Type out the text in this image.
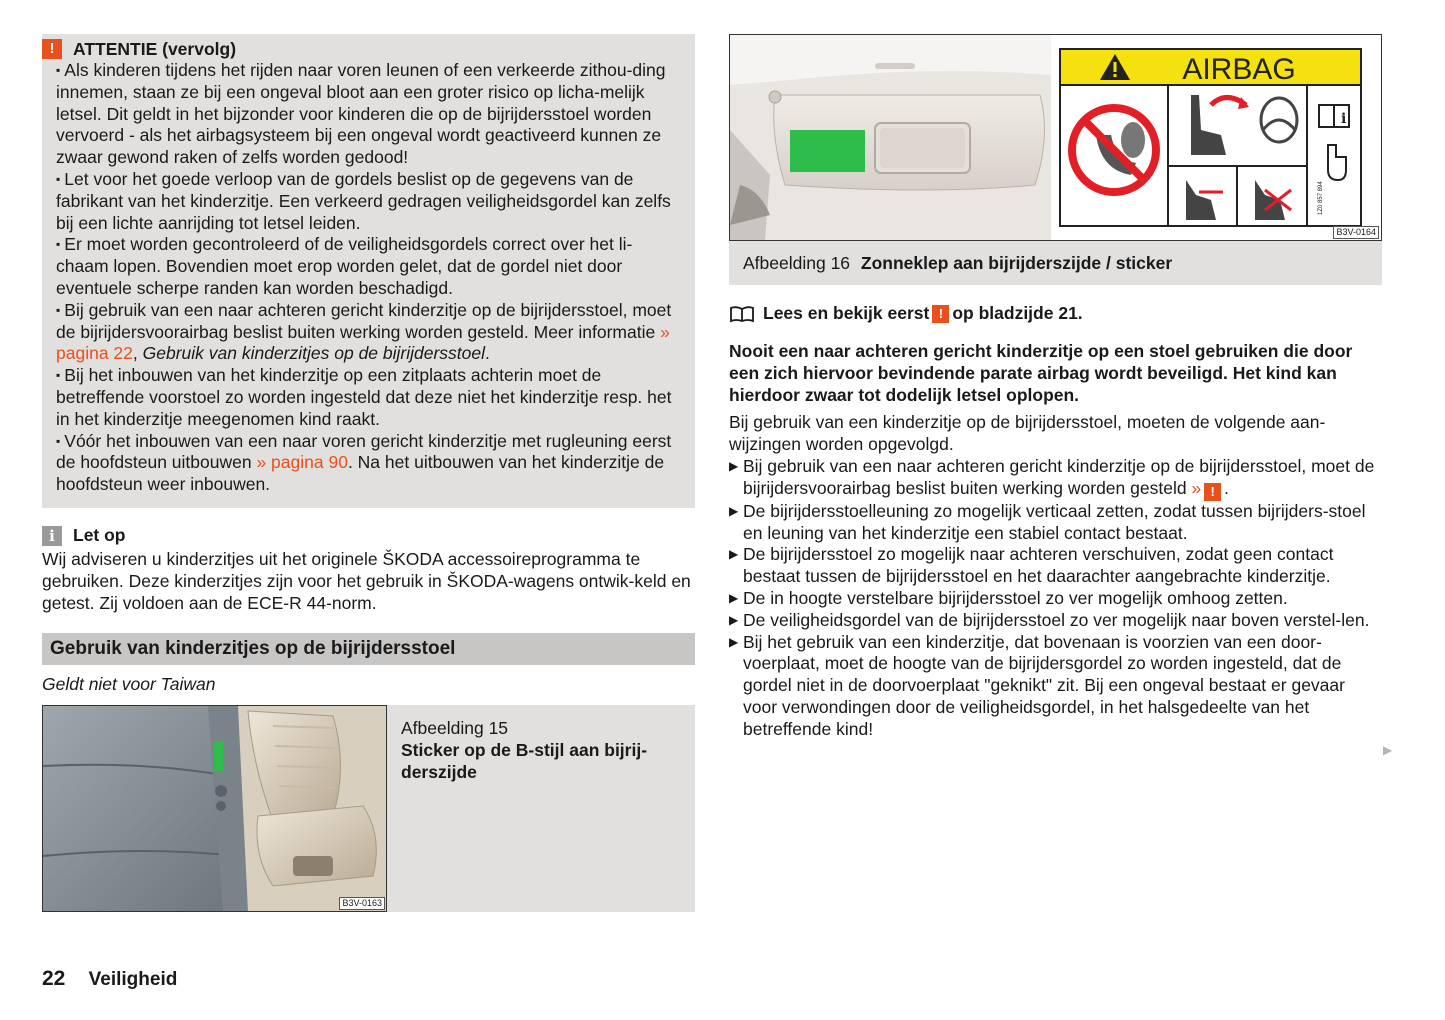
!	ATTENTIE (vervolg)

▪ Als kinderen tijdens het rijden naar voren leunen of een verkeerde zithou-ding innemen, staan ze bij een ongeval bloot aan een groter risico op licha-melijk letsel. Dit geldt in het bijzonder voor kinderen die op de bijrijdersstoel worden vervoerd - als het airbagsysteem bij een ongeval wordt geactiveerd kunnen ze zwaar gewond raken of zelfs worden gedood!

▪ Let voor het goede verloop van de gordels beslist op de gegevens van de fabrikant van het kinderzitje. Een verkeerd gedragen veiligheidsgordel kan zelfs bij een lichte aanrijding tot letsel leiden.

▪ Er moet worden gecontroleerd of de veiligheidsgordels correct over het li-chaam lopen. Bovendien moet erop worden gelet, dat de gordel niet door eventuele scherpe randen kan worden beschadigd.

▪ Bij gebruik van een naar achteren gericht kinderzitje op de bijrijdersstoel, moet de bijrijdersvoorairbag beslist buiten werking worden gesteld. Meer informatie » pagina 22, Gebruik van kinderzitjes op de bijrijdersstoel.

▪ Bij het inbouwen van het kinderzitje op een zitplaats achterin moet de betreffende voorstoel zo worden ingesteld dat deze niet het kinderzitje resp. het in het kinderzitje meegenomen kind raakt.

▪ Vóór het inbouwen van een naar voren gericht kinderzitje met rugleuning eerst de hoofdsteun uitbouwen » pagina 90. Na het uitbouwen van het kinderzitje de hoofdsteun weer inbouwen.

i	Let op

Wij adviseren u kinderzitjes uit het originele ŠKODA accessoireprogramma te gebruiken. Deze kinderzitjes zijn voor het gebruik in ŠKODA-wagens ontwik-keld en getest. Zij voldoen aan de ECE-R 44-norm.

Gebruik van kinderzitjes op de bijrijdersstoel
Geldt niet voor Taiwan
B3V-0163
Afbeelding 15
Sticker op de B-stijl aan bijrij-derszijde
AIRBAG
i
1Z0 857 894
B3V-0164
Afbeelding 16 Zonneklep aan bijrijderszijde / sticker
Lees en bekijk eerst ! op bladzijde 21.
Nooit een naar achteren gericht kinderzitje op een stoel gebruiken die door een zich hiervoor bevindende parate airbag wordt beveiligd. Het kind kan hierdoor zwaar tot dodelijk letsel oplopen.
Bij gebruik van een kinderzitje op de bijrijdersstoel, moeten de volgende aan-wijzingen worden opgevolgd.
▶ Bij gebruik van een naar achteren gericht kinderzitje op de bijrijdersstoel, moet de bijrijdersvoorairbag beslist buiten werking worden gesteld » ! .
▶ De bijrijdersstoelleuning zo mogelijk verticaal zetten, zodat tussen bijrijders-stoel en leuning van het kinderzitje een stabiel contact bestaat.
▶ De bijrijdersstoel zo mogelijk naar achteren verschuiven, zodat geen contact bestaat tussen de bijrijdersstoel en het daarachter aangebrachte kinderzitje.
▶ De in hoogte verstelbare bijrijdersstoel zo ver mogelijk omhoog zetten.
▶ De veiligheidsgordel van de bijrijdersstoel zo ver mogelijk naar boven verstel-len.
▶ Bij het gebruik van een kinderzitje, dat bovenaan is voorzien van een door-voerplaat, moet de hoogte van de bijrijdersgordel zo worden ingesteld, dat de gordel niet in de doorvoerplaat "geknikt" zit. Bij een ongeval bestaat er gevaar voor verwondingen door de veiligheidsgordel, in het halsgedeelte van het betreffende kind!
▶
22 Veiligheid
